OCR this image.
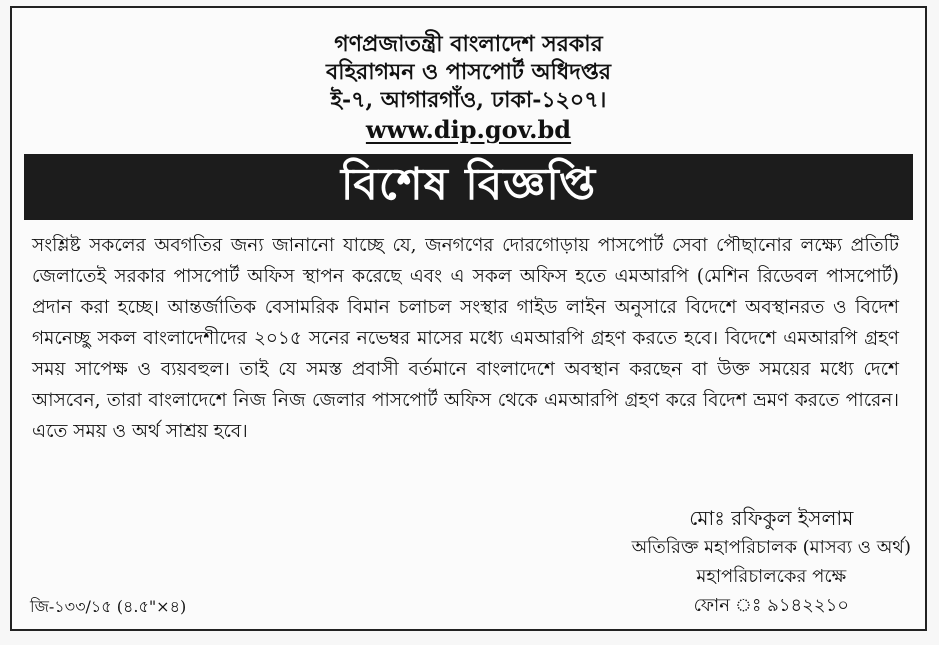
গণপ্রজাতন্ত্রী বাংলাদেশ সরকার
বহিরাগমন ও পাসপোর্ট অধিদপ্তর
ই-৭, আগারগাঁও, ঢাকা-১২০৭।
www.dip.gov.bd
বিশেষ বিজ্ঞপ্তি
সংশ্লিষ্ট সকলের অবগতির জন্য জানানো যাচ্ছে যে, জনগণের দোরগোড়ায় পাসপোর্ট সেবা পৌছানোর লক্ষ্যে প্রতিটি জেলাতেই সরকার পাসপোর্ট অফিস স্থাপন করেছে এবং এ সকল অফিস হতে এমআরপি (মেশিন রিডেবল পাসপোর্ট) প্রদান করা হচ্ছে। আন্তর্জাতিক বেসামরিক বিমান চলাচল সংস্থার গাইড লাইন অনুসারে বিদেশে অবস্থানরত ও বিদেশ গমনেচ্ছু সকল বাংলাদেশীদের ২০১৫ সনের নভেম্বর মাসের মধ্যে এমআরপি গ্রহণ করতে হবে। বিদেশে এমআরপি গ্রহণ সময় সাপেক্ষ ও ব্যয়বহুল। তাই যে সমস্ত প্রবাসী বর্তমানে বাংলাদেশে অবস্থান করছেন বা উক্ত সময়ের মধ্যে দেশে আসবেন, তারা বাংলাদেশে নিজ নিজ জেলার পাসপোর্ট অফিস থেকে এমআরপি গ্রহণ করে বিদেশ ভ্রমণ করতে পারেন। এতে সময় ও অর্থ সাশ্রয় হবে।
মোঃ রফিকুল ইসলাম
অতিরিক্ত মহাপরিচালক (মাসব্য ও অর্থ)
মহাপরিচালকের পক্ষে
ফোন ঃ ৯১৪২২১০
জি-১৩৩/১৫ (৪.৫"×৪)
